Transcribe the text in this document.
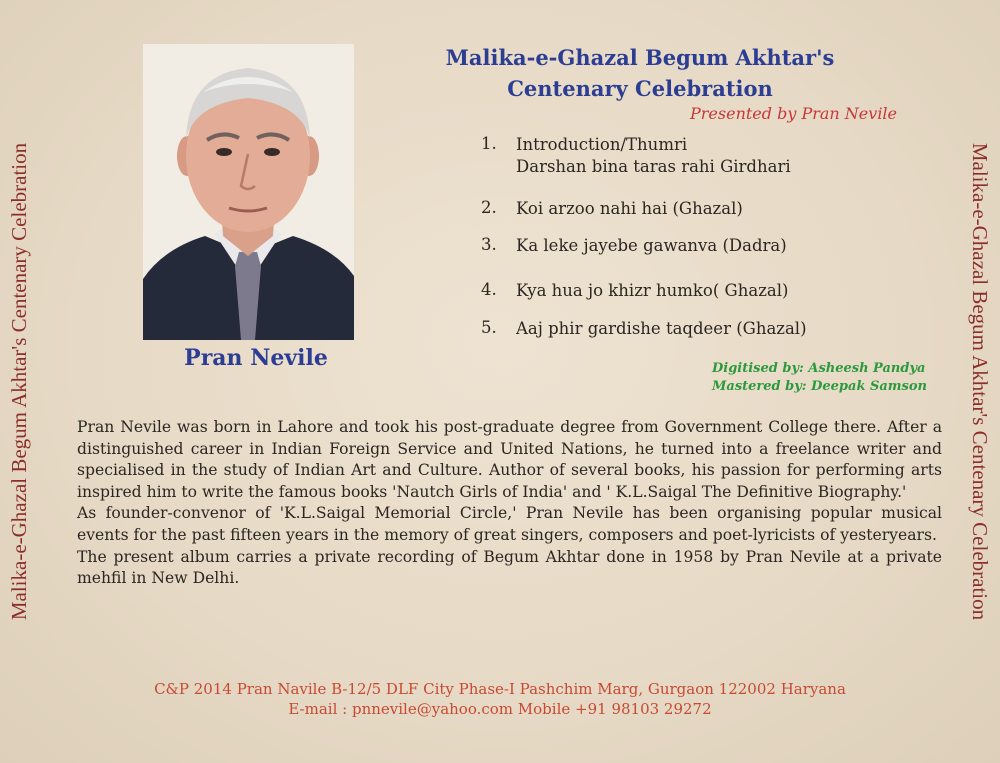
Malika-e-Ghazal Begum Akhtar's Centenary Celebration	Malika-e-Ghazal Begum Akhtar's Centenary Celebration
Pran Nevile
Malika-e-Ghazal Begum Akhtar's
Centenary Celebration
Presented by Pran Nevile
1.	Introduction/Thumri
Darshan bina taras rahi Girdhari
2.	Koi arzoo nahi hai (Ghazal)
3.	Ka leke jayebe gawanva (Dadra)
4.	Kya hua jo khizr humko( Ghazal)
5.	Aaj phir gardishe taqdeer (Ghazal)
Digitised by: Asheesh Pandya
Mastered by: Deepak Samson

Pran Nevile was born in Lahore and took his post-graduate degree from Government College there. After a distinguished career in Indian Foreign Service and United Nations, he turned into a freelance writer and specialised in the study of Indian Art and Culture. Author of several books, his passion for performing arts inspired him to write the famous books 'Nautch Girls of India' and ' K.L.Saigal The Definitive Biography.'

As founder-convenor of 'K.L.Saigal Memorial Circle,' Pran Nevile has been organising popular musical events for the past fifteen years in the memory of great singers, composers and poet-lyricists of yesteryears.

The present album carries a private recording of Begum Akhtar done in 1958 by Pran Nevile at a private mehfil in New Delhi.

C&P 2014 Pran Navile B-12/5 DLF City Phase-I Pashchim Marg, Gurgaon 122002 Haryana
E-mail : pnnevile@yahoo.com Mobile +91 98103 29272
